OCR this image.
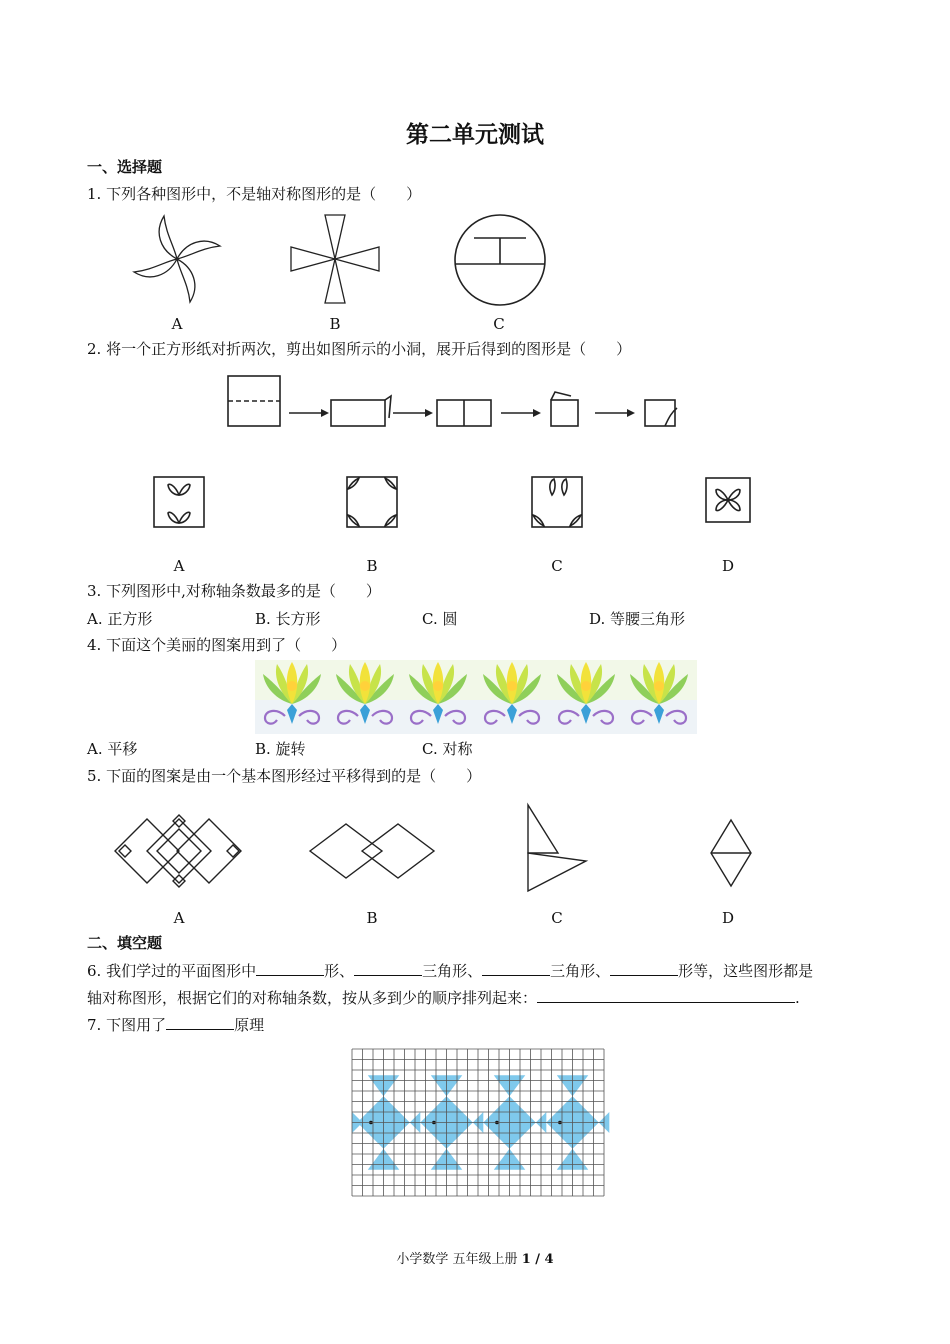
第二单元测试
一、选择题
1. 下列各种图形中，不是轴对称图形的是（　　）
A	B	C
2. 将一个正方形纸对折两次，剪出如图所示的小洞，展开后得到的图形是（　　）
A	B	C	D
3. 下列图形中,对称轴条数最多的是（　　）
A. 正方形	B. 长方形	C. 圆	D. 等腰三角形
4. 下面这个美丽的图案用到了（　　）
A. 平移	B. 旋转	C. 对称
5. 下面的图案是由一个基本图形经过平移得到的是（　　）
A	B	C	D
二、填空题
6. 我们学过的平面图形中	形、	三角形、	三角形、	形等，这些图形都是
轴对称图形，根据它们的对称轴条数，按从多到少的顺序排列起来：	.
7. 下图用了	原理
小学数学 五年级上册 1 / 4
